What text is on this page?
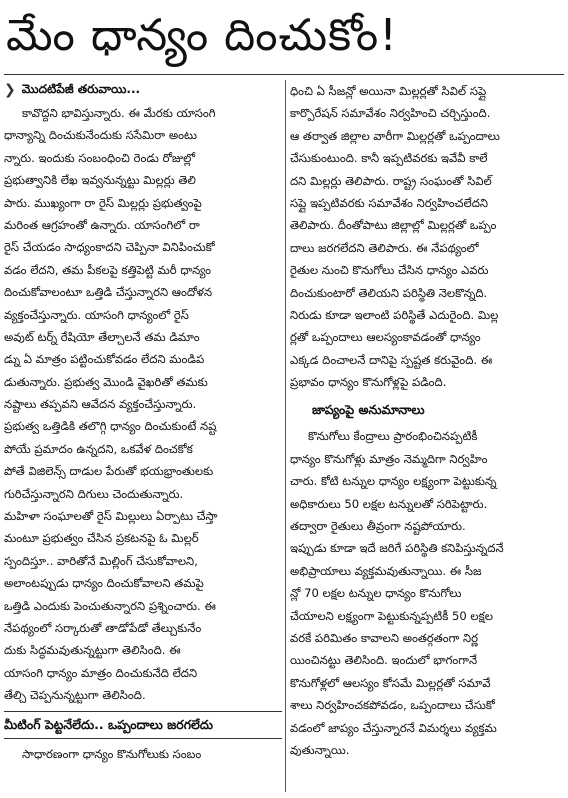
మేం ధాన్యం దించుకోం!
❯ మొదటిపేజీ తరువాయి...
కావొద్దని భావిస్తున్నారు. ఈ మేరకు యాసంగి
ధాన్యాన్ని దించుకునేందుకు ససేమిరా అంటు
న్నారు. ఇందుకు సంబంధించి రెండు రోజుల్లో
ప్రభుత్వానికి లేఖ ఇవ్వనున్నట్టు మిల్లర్లు తెలి
పారు. ముఖ్యంగా రా రైస్ మిల్లర్లు ప్రభుత్వంపై
మరింత ఆగ్రహంతో ఉన్నారు. యాసంగిలో రా
రైస్ చేయడం సాధ్యంకాదని చెప్పినా వినిపించుకో
వడం లేదని, తమ పీకలపై కత్తిపెట్టి మరీ ధాన్యం
దించుకోవాలంటూ ఒత్తిడి చేస్తున్నారని ఆందోళన
వ్యక్తంచేస్తున్నారు. యాసంగి ధాన్యంలో రైస్
అవుట్ టర్న్ రేషియో తేల్చాలనే తమ డిమాం
డ్ను ఏ మాత్రం పట్టించుకోవడం లేదని మండిప
డుతున్నారు. ప్రభుత్వ మొండి వైఖరితో తమకు
నష్టాలు తప్పవని ఆవేదన వ్యక్తంచేస్తున్నారు.
ప్రభుత్వ ఒత్తిడికి తలొగ్గి ధాన్యం దించుకుంటే నష్ట
పోయే ప్రమాదం ఉన్నదని, ఒకవేళ దించకోక
పోతే విజిలెన్స్ దాడుల పేరుతో భయభ్రాంతులకు
గురిచేస్తున్నారని దిగులు చెందుతున్నారు.
మహిళా సంఘాలతో రైస్ మిల్లులు ఏర్పాటు చేస్తా
మంటూ ప్రభుత్వం చేసిన ప్రకటనపై ఓ మిల్లర్
స్పందిస్తూ.. వారితోనే మిల్లింగ్ చేసుకోవాలని,
అలాంటప్పుడు ధాన్యం దించుకోవాలని తమపై
ఒత్తిడి ఎందుకు పెంచుతున్నారని ప్రశ్నించారు. ఈ
నేపథ్యంలో సర్కారుతో తాడోపేడో తేల్చుకునేం
దుకు సిద్ధమవుతున్నట్టుగా తెలిసింది. ఈ
యాసంగి ధాన్యం మాత్రం దించుకునేది లేదని
తేల్చి చెప్పనున్నట్టుగా తెలిసింది.
మీటింగ్ పెట్టనేలేదు.. ఒప్పందాలు జరగలేదు
సాధారణంగా ధాన్యం కొనుగోలుకు సంబం
ధించి ఏ సీజన్లో అయినా మిల్లర్లతో సివిల్ సప్లై
కార్పొరేషన్ సమావేశం నిర్వహించి చర్చిస్తుంది.
ఆ తర్వాత జిల్లాల వారీగా మిల్లర్లతో ఒప్పందాలు
చేసుకుంటుంది. కానీ ఇప్పటివరకు ఇవేవీ కాలే
దని మిల్లర్లు తెలిపారు. రాష్ట్ర సంఘంతో సివిల్
సప్లై ఇప్పటివరకు సమావేశం నిర్వహించలేదని
తెలిపారు. దీంతోపాటు జిల్లాల్లో మిల్లర్లతో ఒప్పం
దాలు జరగలేదని తెలిపారు. ఈ నేపథ్యంలో
రైతుల నుంచి కొనుగోలు చేసిన ధాన్యం ఎవరు
దించుకుంటారో తెలియని పరిస్థితి నెలకొన్నది.
నిరుడు కూడా ఇలాంటి పరిస్థితే ఎదురైంది. మిల్ల
ర్లతో ఒప్పందాలు ఆలస్యంకావడంతో ధాన్యం
ఎక్కడ దించాలనే దానిపై స్పష్టత కరువైంది. ఈ
ప్రభావం ధాన్యం కొనుగోళ్లపై పడింది.
జాప్యంపై అనుమానాలు
కొనుగోలు కేంద్రాలు ప్రారంభించినప్పటికీ
ధాన్యం కొనుగోళ్లు మాత్రం నెమ్మదిగా నిర్వహిం
చారు. కోటి టన్నుల ధాన్యం లక్ష్యంగా పెట్టుకున్న
అధికారులు 50 లక్షల టన్నులతో సరిపెట్టారు.
తద్వారా రైతులు తీవ్రంగా నష్టపోయారు.
ఇప్పుడు కూడా ఇదే జరిగే పరిస్థితి కనిపిస్తున్నదనే
అభిప్రాయాలు వ్యక్తమవుతున్నాయి. ఈ సీజ
న్లో 70 లక్షల టన్నుల ధాన్యం కొనుగోలు
చేయాలని లక్ష్యంగా పెట్టుకున్నప్పటికీ 50 లక్షల
వరకే పరిమితం కావాలని అంతర్గతంగా నిర్ణ
యించినట్టు తెలిసింది. ఇందులో భాగంగానే
కొనుగోళ్లలో ఆలస్యం కోసమే మిల్లర్లతో సమావే
శాలు నిర్వహించకపోవడం, ఒప్పందాలు చేసుకో
వడంలో జాప్యం చేస్తున్నారనే విమర్శలు వ్యక్తమ
వుతున్నాయి.
